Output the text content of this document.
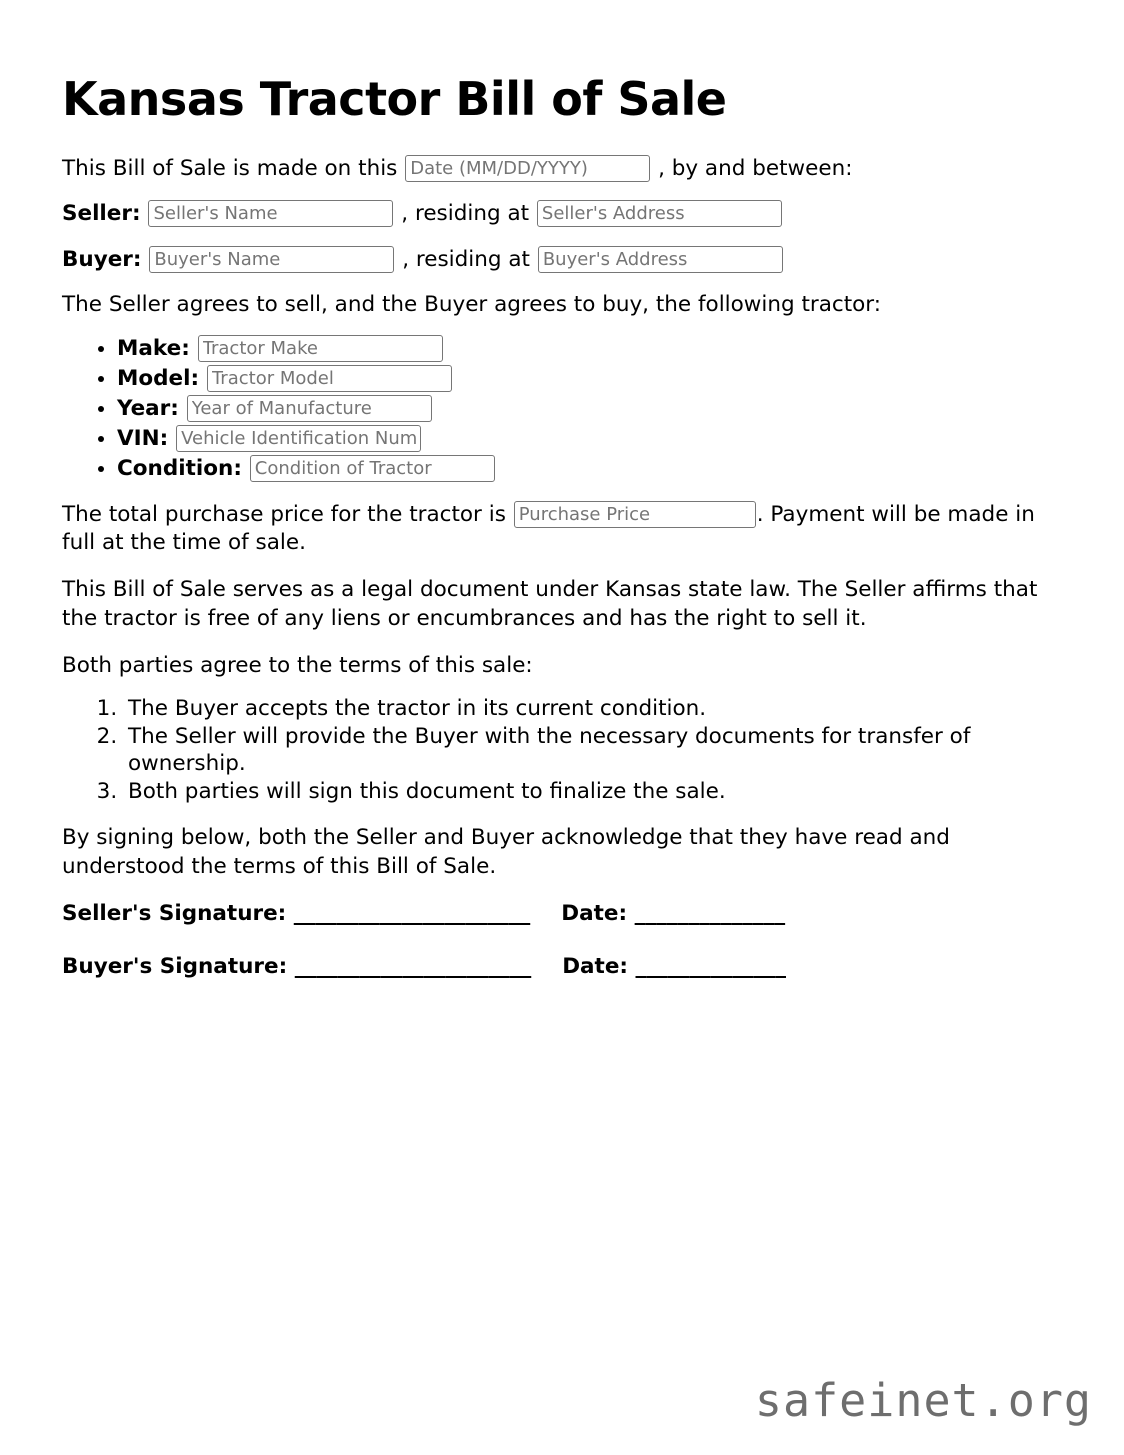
Kansas Tractor Bill of Sale
This Bill of Sale is made on this Date (MM/DD/YYYY)	, by and between:
Seller: Seller's Name	, residing at Seller's Address
Buyer: Buyer's Name	, residing at Buyer's Address

The Seller agrees to sell, and the Buyer agrees to buy, the following tractor:

• Make: Tractor Make
• Model: Tractor Model
• Year: Year of Manufacture
• VIN: Vehicle Identification Number
• Condition: Condition of Tractor

The total purchase price for the tractor is Purchase Price	. Payment will be made in full at the time of sale.

This Bill of Sale serves as a legal document under Kansas state law. The Seller affirms that the tractor is free of any liens or encumbrances and has the right to sell it.

Both parties agree to the terms of this sale:

1. The Buyer accepts the tractor in its current condition.
2. The Seller will provide the Buyer with the necessary documents for transfer of ownership.
3. Both parties will sign this document to finalize the sale.

By signing below, both the Seller and Buyer acknowledge that they have read and understood the terms of this Bill of Sale.

Seller's Signature: ______________________ Date: ______________
Buyer's Signature: ______________________ Date: ______________
safeinet.org
